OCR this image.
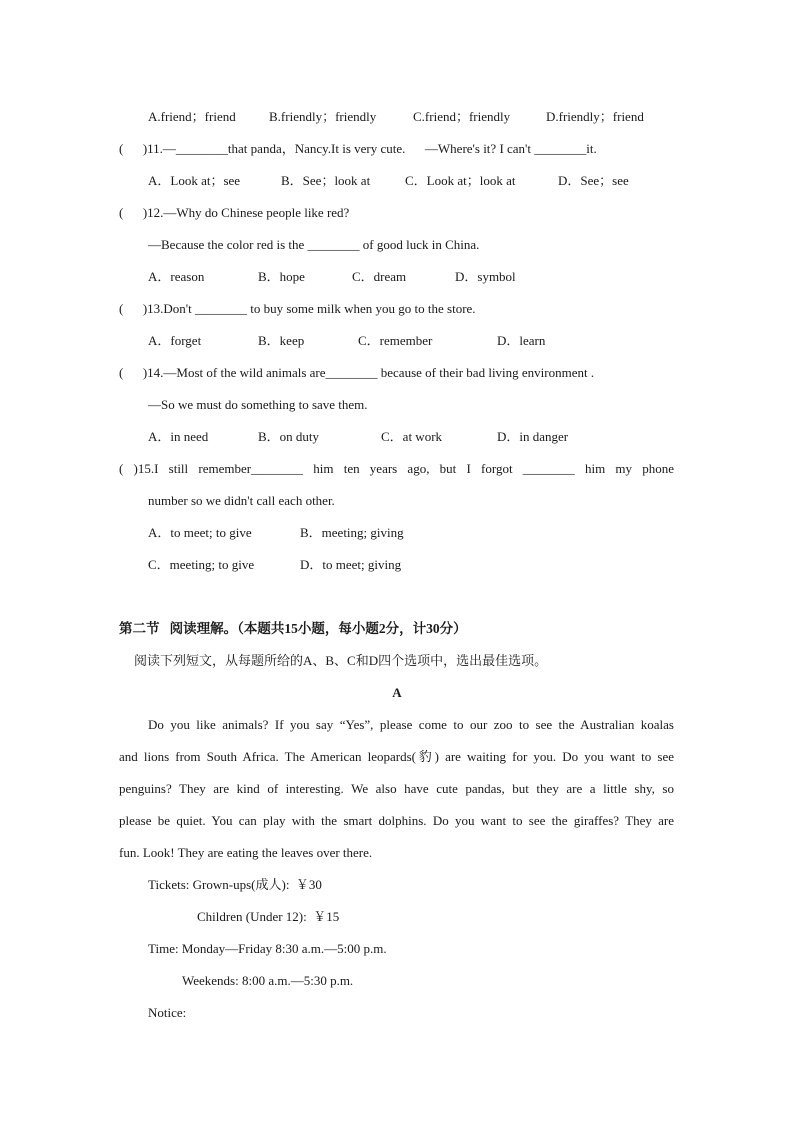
A.friend；friend	B.friendly；friendly	C.friend；friendly	D.friendly；friend
(      )11.—________that panda，Nancy.It is very cute.      —Where's it? I can't ________it.
A．Look at；see	B．See；look at	C．Look at；look at	D．See；see
(      )12.—Why do Chinese people like red?
—Because the color red is the ________ of good luck in China.
A．reason	B．hope	C．dream	D．symbol
(      )13.Don't ________ to buy some milk when you go to the store.
A．forget	B．keep	C．remember	D．learn
(      )14.—Most of the wild animals are________ because of their bad living environment .
—So we must do something to save them.
A．in need	B．on duty	C．at work	D．in danger
( )15.I still remember________ him ten years ago, but I forgot ________ him my phone
number so we didn't call each other.
A．to meet; to give	B．meeting; giving
C．meeting; to give	D．to meet; giving
第二节   阅读理解。（本题共15小题，每小题2分，计30分）
阅读下列短文，从每题所给的A、B、C和D四个选项中，选出最佳选项。
A
Do you like animals? If you say “Yes”, please come to our zoo to see the Australian koalas
and lions from South Africa. The American leopards(豹) are waiting for you. Do you want to see
penguins? They are kind of interesting. We also have cute pandas, but they are a little shy, so
please be quiet. You can play with the smart dolphins. Do you want to see the giraffes? They are
fun. Look! They are eating the leaves over there.
Tickets: Grown-ups(成人):  ￥30
Children (Under 12):  ￥15
Time: Monday—Friday 8:30 a.m.—5:00 p.m.
Weekends: 8:00 a.m.—5:30 p.m.
Notice:
